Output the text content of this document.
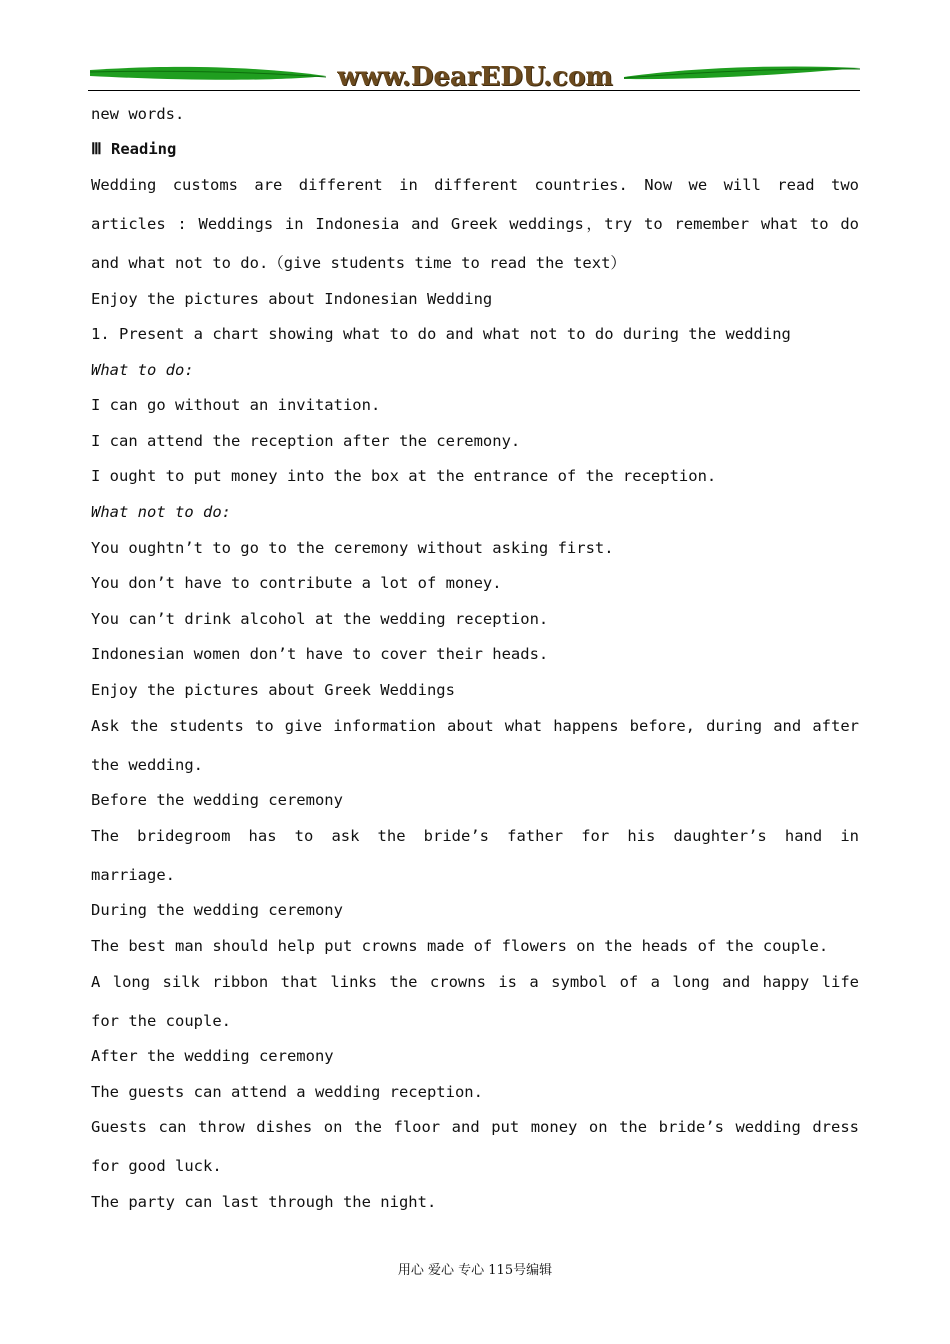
www.DearEDU.com
new words.
Ⅲ Reading
Wedding customs are different in different countries. Now we will read two
articles : Weddings in Indonesia and Greek weddings，try to remember what to do
and what not to do.（give students time to read the text）
Enjoy the pictures about Indonesian Wedding
1. Present a chart showing what to do and what not to do during the wedding
What to do:
I can go without an invitation.
I can attend the reception after the ceremony.
I ought to put money into the box at the entrance of the reception.
What not to do:
You oughtn’t to go to the ceremony without asking first.
You don’t have to contribute a lot of money.
You can’t drink alcohol at the wedding reception.
Indonesian women don’t have to cover their heads.
Enjoy the pictures about Greek Weddings
Ask the students to give information about what happens before, during and after
the wedding.
Before the wedding ceremony
The bridegroom has to ask the bride’s father for his daughter’s hand in
marriage.
During the wedding ceremony
The best man should help put crowns made of flowers on the heads of the couple.
A long silk ribbon that links the crowns is a symbol of a long and happy life
for the couple.
After the wedding ceremony
The guests can attend a wedding reception.
Guests can throw dishes on the floor and put money on the bride’s wedding dress
for good luck.
The party can last through the night.
用心 爱心 专心 115号编辑
